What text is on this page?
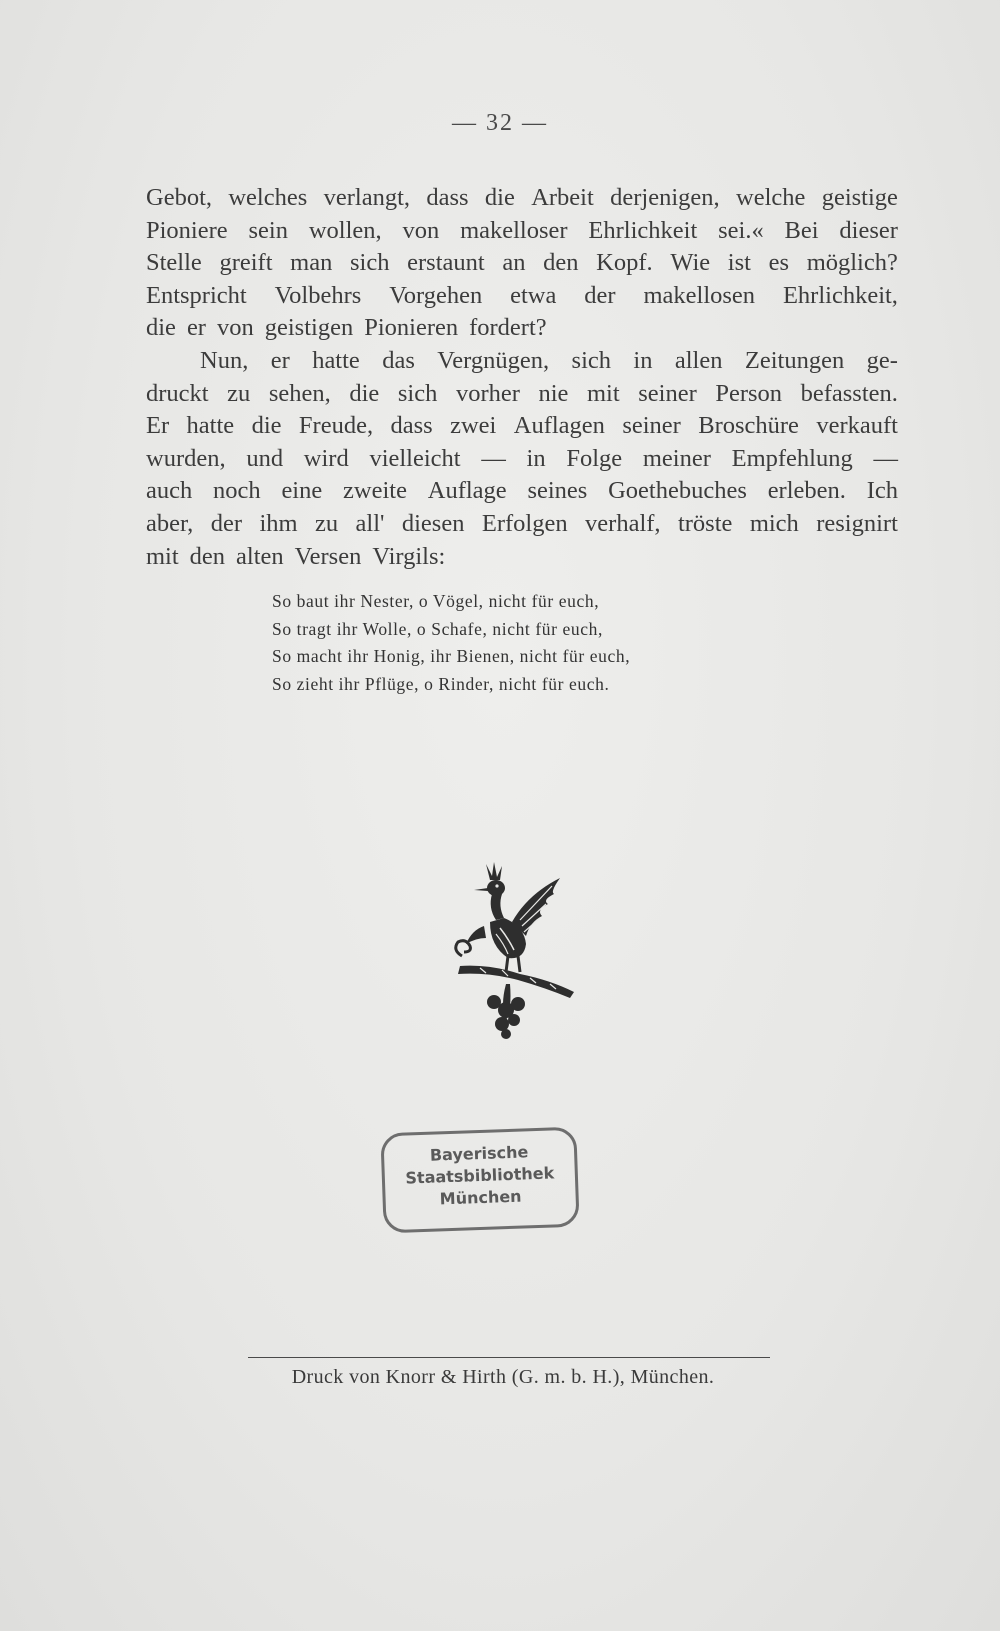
— 32 —
Gebot, welches verlangt, dass die Arbeit derjenigen, welche geistige
Pioniere sein wollen, von makelloser Ehrlichkeit sei.« Bei dieser
Stelle greift man sich erstaunt an den Kopf. Wie ist es möglich?
Entspricht Volbehrs Vorgehen etwa der makellosen Ehrlichkeit,
die er von geistigen Pionieren fordert?
Nun, er hatte das Vergnügen, sich in allen Zeitungen ge-
druckt zu sehen, die sich vorher nie mit seiner Person befassten.
Er hatte die Freude, dass zwei Auflagen seiner Broschüre verkauft
wurden, und wird vielleicht — in Folge meiner Empfehlung —
auch noch eine zweite Auflage seines Goethebuches erleben. Ich
aber, der ihm zu all' diesen Erfolgen verhalf, tröste mich resignirt
mit den alten Versen Virgils:
So baut ihr Nester, o Vögel, nicht für euch,
So tragt ihr Wolle, o Schafe, nicht für euch,
So macht ihr Honig, ihr Bienen, nicht für euch,
So zieht ihr Pflüge, o Rinder, nicht für euch.
Bayerische
Staatsbibliothek
München
Druck von Knorr & Hirth (G. m. b. H.), München.
